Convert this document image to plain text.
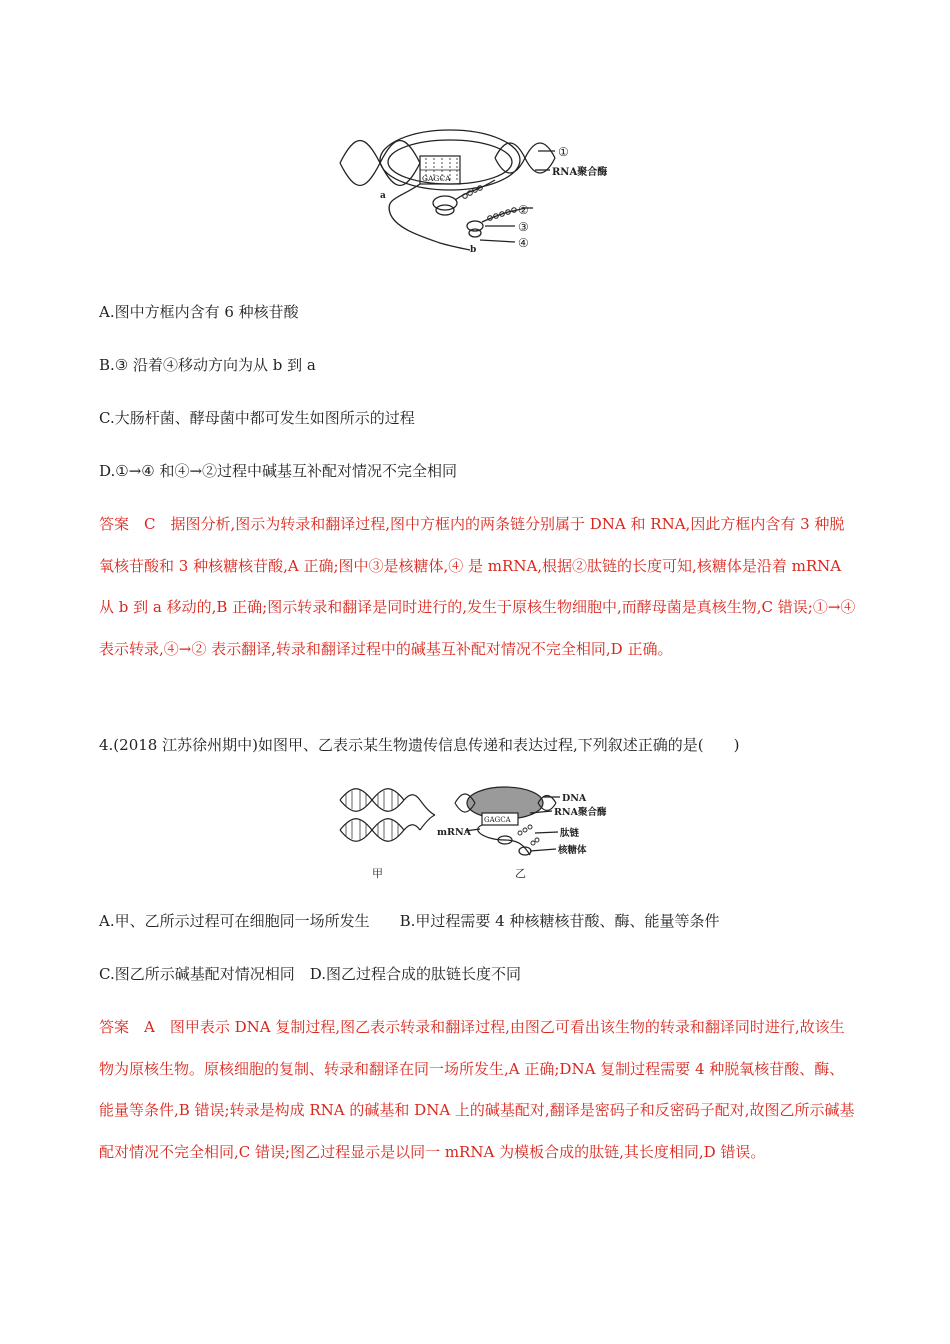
GAGCA
①
RNA聚合酶
a
b
②
③
④
A.图中方框内含有 6 种核苷酸
B.③ 沿着④移动方向为从 b 到 a
C.大肠杆菌、酵母菌中都可发生如图所示的过程
D.①→④ 和④→②过程中碱基互补配对情况不完全相同
答案　C　据图分析,图示为转录和翻译过程,图中方框内的两条链分别属于 DNA 和 RNA,因此方框内含有 3 种脱氧核苷酸和 3 种核糖核苷酸,A 正确;图中③是核糖体,④ 是 mRNA,根据②肽链的长度可知,核糖体是沿着 mRNA 从 b 到 a 移动的,B 正确;图示转录和翻译是同时进行的,发生于原核生物细胞中,而酵母菌是真核生物,C 错误;①→④ 表示转录,④→② 表示翻译,转录和翻译过程中的碱基互补配对情况不完全相同,D 正确。
4.(2018 江苏徐州期中)如图甲、乙表示某生物遗传信息传递和表达过程,下列叙述正确的是(　　)
GAGCA
DNA
RNA聚合酶
mRNA	肽链
核糖体
甲	乙
A.甲、乙所示过程可在细胞同一场所发生　　B.甲过程需要 4 种核糖核苷酸、酶、能量等条件
C.图乙所示碱基配对情况相同　D.图乙过程合成的肽链长度不同
答案　A　图甲表示 DNA 复制过程,图乙表示转录和翻译过程,由图乙可看出该生物的转录和翻译同时进行,故该生物为原核生物。原核细胞的复制、转录和翻译在同一场所发生,A 正确;DNA 复制过程需要 4 种脱氧核苷酸、酶、能量等条件,B 错误;转录是构成 RNA 的碱基和 DNA 上的碱基配对,翻译是密码子和反密码子配对,故图乙所示碱基配对情况不完全相同,C 错误;图乙过程显示是以同一 mRNA 为模板合成的肽链,其长度相同,D 错误。
